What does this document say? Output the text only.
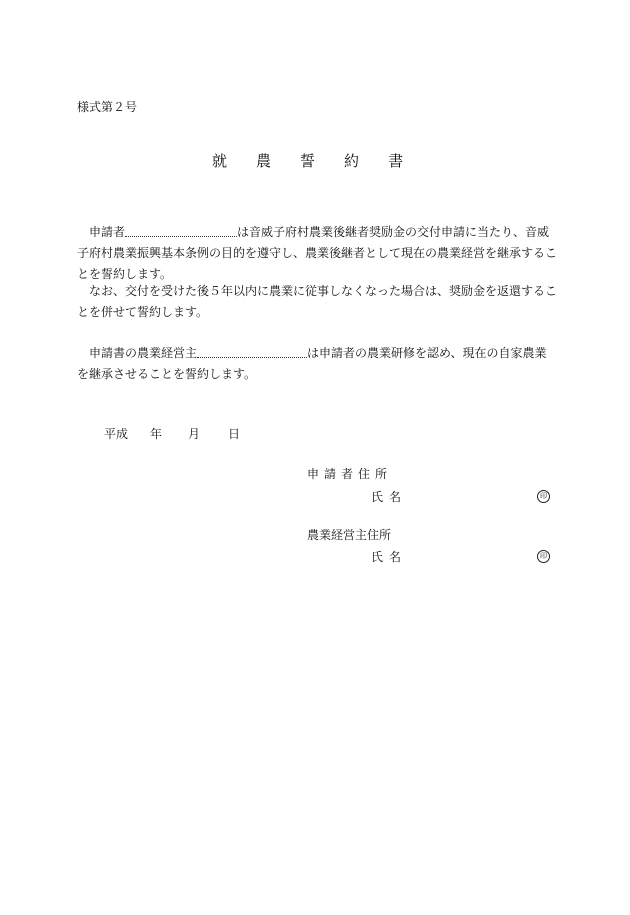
様式第２号
就 農 誓 約 書
申請者	は音威子府村農業後継者奨励金の交付申請に当たり、音威子府村農業振興基本条例の目的を遵守し、農業後継者として現在の農業経営を継承することを誓約します。
なお、交付を受けた後５年以内に農業に従事しなくなった場合は、奨励金を返還することを併せて誓約します。
申請書の農業経営主	は申請者の農業研修を認め、現在の自家農業を継承させることを誓約します。
平成 年 月 日
申請者住所
氏名	印
農業経営主住所
氏名	印
